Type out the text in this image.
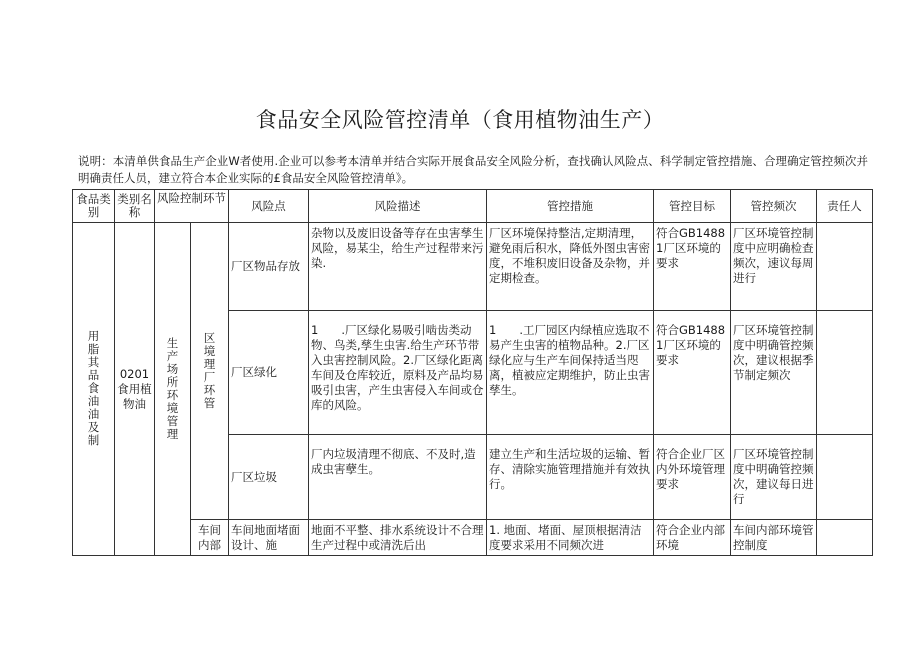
食品安全风险管控清单（食用植物油生产）
说明：本清单供食品生产企业W者使用.企业可以参考本清单并结合实际开展食品安全风险分析，查找确认风险点、科学制定管控措施、合理确定管控频次并明确责任人员，建立符合本企业实际的£食品安全风险管控清单》。
食品类别	类别名称	风险控制环节		风险点	风险描述	管控措施	管控目标	管控频次	责任人
用脂其品食油油及制	0201食用植物油	生产场所环境管理	区境理厂环管	厂区物品存放	杂物以及废旧设备等存在虫害孳生风险，易某尘，给生产过程带来污染.	厂区环境保持整洁,定期清理，避免雨后积水，降低外图虫害密度，不堆积废旧设备及杂物，并定期检查。	符合GB14881厂区环境的要求	厂区环境管控制度中应明确检查频次，速议每周进行	
				厂区绿化	1　　.厂区绿化易吸引啮齿类动物、鸟类,孳生虫害.给生产环节带入虫害控制风险。2.厂区绿化距离车间及仓库较近，原料及产品均易吸引虫害，产生虫害侵入车间或仓库的风险。	1　　.工厂园区内绿植应选取不易产生虫害的植物品种。2.厂区绿化应与生产车间保持适当咫离，植被应定期维护，防止虫害孳生。	符合GB14881厂区环境的要求	厂区环境管控制度中明确管控频次，建议根据季节制定频次	
				厂区垃圾	厂内垃圾清理不彻底、不及时,造成虫害孽生。	建立生产和生活垃圾的运输、暂存、清除实施管理措施并有效执行。	符合企业厂区内外环境管理要求	厂区环境管控制度中明确管控频次，建议每日进行	
			车间内部	车间地面堵面设计、施	地面不平整、排水系统设计不合理生产过程中或清洗后出	1. 地面、堵面、屋顶根据清洁度要求采用不同频次进	符合企业内部环境	车间内部环境管控制度	
